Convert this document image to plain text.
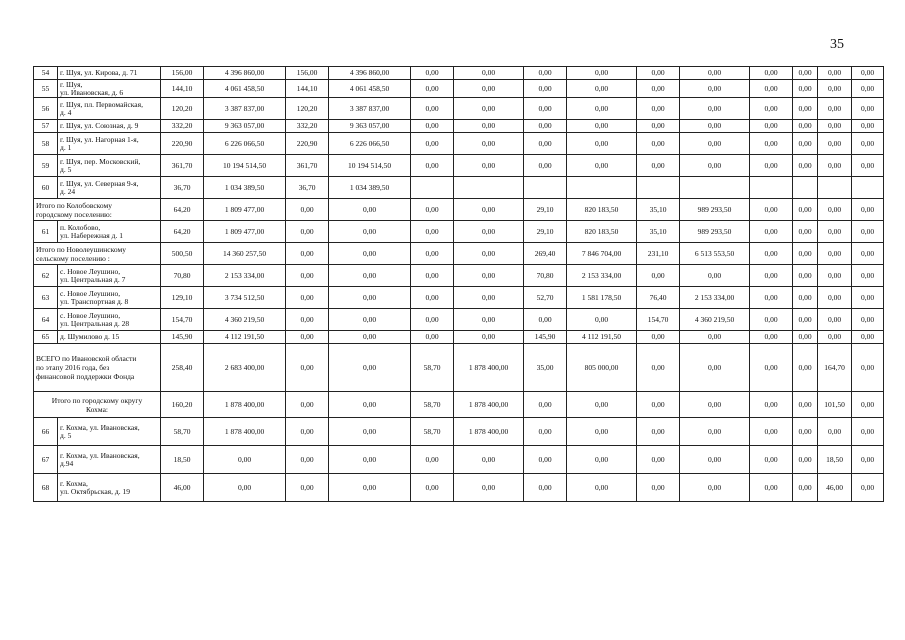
35
54	г. Шуя, ул. Кирова, д. 71	156,00	4 396 860,00	156,00	4 396 860,00	0,00	0,00	0,00	0,00	0,00	0,00	0,00	0,00	0,00	0,00
55	г. Шуя,
ул. Ивановская, д. 6	144,10	4 061 458,50	144,10	4 061 458,50	0,00	0,00	0,00	0,00	0,00	0,00	0,00	0,00	0,00	0,00
56	г. Шуя, пл. Первомайская,
д. 4	120,20	3 387 837,00	120,20	3 387 837,00	0,00	0,00	0,00	0,00	0,00	0,00	0,00	0,00	0,00	0,00
57	г. Шуя, ул. Союзная, д. 9	332,20	9 363 057,00	332,20	9 363 057,00	0,00	0,00	0,00	0,00	0,00	0,00	0,00	0,00	0,00	0,00
58	г. Шуя, ул. Нагорная 1-я,
д. 1	220,90	6 226 066,50	220,90	6 226 066,50	0,00	0,00	0,00	0,00	0,00	0,00	0,00	0,00	0,00	0,00
59	г. Шуя, пер. Московский,
д. 5	361,70	10 194 514,50	361,70	10 194 514,50	0,00	0,00	0,00	0,00	0,00	0,00	0,00	0,00	0,00	0,00
60	г. Шуя, ул. Северная 9-я,
д. 24	36,70	1 034 389,50	36,70	1 034 389,50										
Итого по Колобовскому
городскому поселению:		64,20	1 809 477,00	0,00	0,00	0,00	0,00	29,10	820 183,50	35,10	989 293,50	0,00	0,00	0,00	0,00
61	п. Колобово,
ул. Набережная д. 1	64,20	1 809 477,00	0,00	0,00	0,00	0,00	29,10	820 183,50	35,10	989 293,50	0,00	0,00	0,00	0,00
Итого по Новолеушинскому
сельскому поселению :		500,50	14 360 257,50	0,00	0,00	0,00	0,00	269,40	7 846 704,00	231,10	6 513 553,50	0,00	0,00	0,00	0,00
62	с. Новое Леушино,
ул. Центральная д. 7	70,80	2 153 334,00	0,00	0,00	0,00	0,00	70,80	2 153 334,00	0,00	0,00	0,00	0,00	0,00	0,00
63	с. Новое Леушино,
ул. Транспортная д. 8	129,10	3 734 512,50	0,00	0,00	0,00	0,00	52,70	1 581 178,50	76,40	2 153 334,00	0,00	0,00	0,00	0,00
64	с. Новое Леушино,
ул. Центральная д. 28	154,70	4 360 219,50	0,00	0,00	0,00	0,00	0,00	0,00	154,70	4 360 219,50	0,00	0,00	0,00	0,00
65	д. Шумилово д. 15	145,90	4 112 191,50	0,00	0,00	0,00	0,00	145,90	4 112 191,50	0,00	0,00	0,00	0,00	0,00	0,00
ВСЕГО по Ивановской области
по этапу 2016 года, без
финансовой поддержки Фонда		258,40	2 683 400,00	0,00	0,00	58,70	1 878 400,00	35,00	805 000,00	0,00	0,00	0,00	0,00	164,70	0,00
Итого по городскому округу
Кохма:		160,20	1 878 400,00	0,00	0,00	58,70	1 878 400,00	0,00	0,00	0,00	0,00	0,00	0,00	101,50	0,00
66	г. Кохма, ул. Ивановская,
д. 5	58,70	1 878 400,00	0,00	0,00	58,70	1 878 400,00	0,00	0,00	0,00	0,00	0,00	0,00	0,00	0,00
67	г. Кохма, ул. Ивановская,
д.94	18,50	0,00	0,00	0,00	0,00	0,00	0,00	0,00	0,00	0,00	0,00	0,00	18,50	0,00
68	г. Кохма,
ул. Октябрьская, д. 19	46,00	0,00	0,00	0,00	0,00	0,00	0,00	0,00	0,00	0,00	0,00	0,00	46,00	0,00
